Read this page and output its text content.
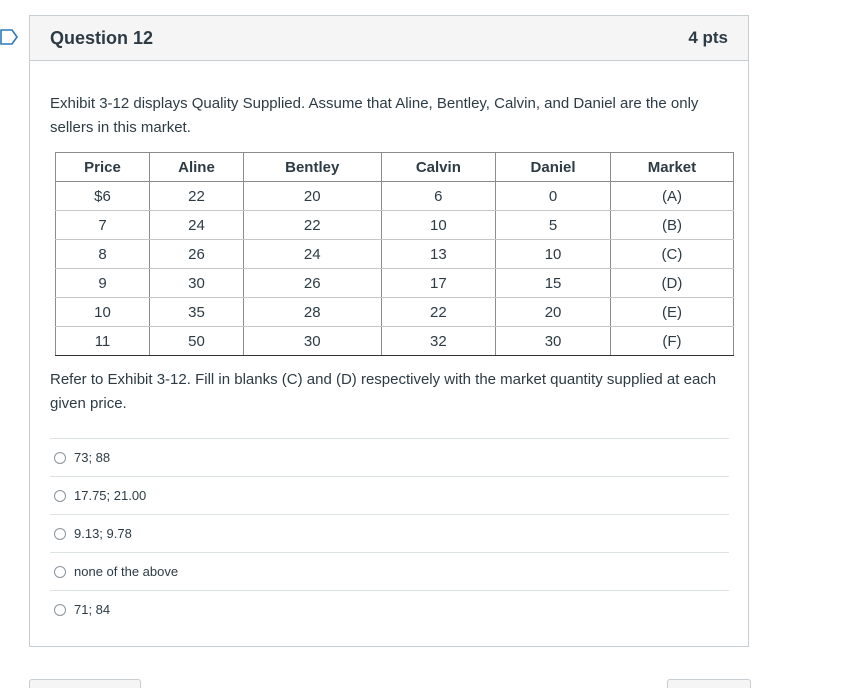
Question 12	4 pts

Exhibit 3-12 displays Quality Supplied. Assume that Aline, Bentley, Calvin, and Daniel are the only sellers in this market.

Price	Aline	Bentley	Calvin	Daniel	Market
$6	22	20	6	0	(A)
7	24	22	10	5	(B)
8	26	24	13	10	(C)
9	30	26	17	15	(D)
10	35	28	22	20	(E)
11	50	30	32	30	(F)

Refer to Exhibit 3-12. Fill in blanks (C) and (D) respectively with the market quantity supplied at each given price.

73; 88
17.75; 21.00
9.13; 9.78
none of the above
71; 84
